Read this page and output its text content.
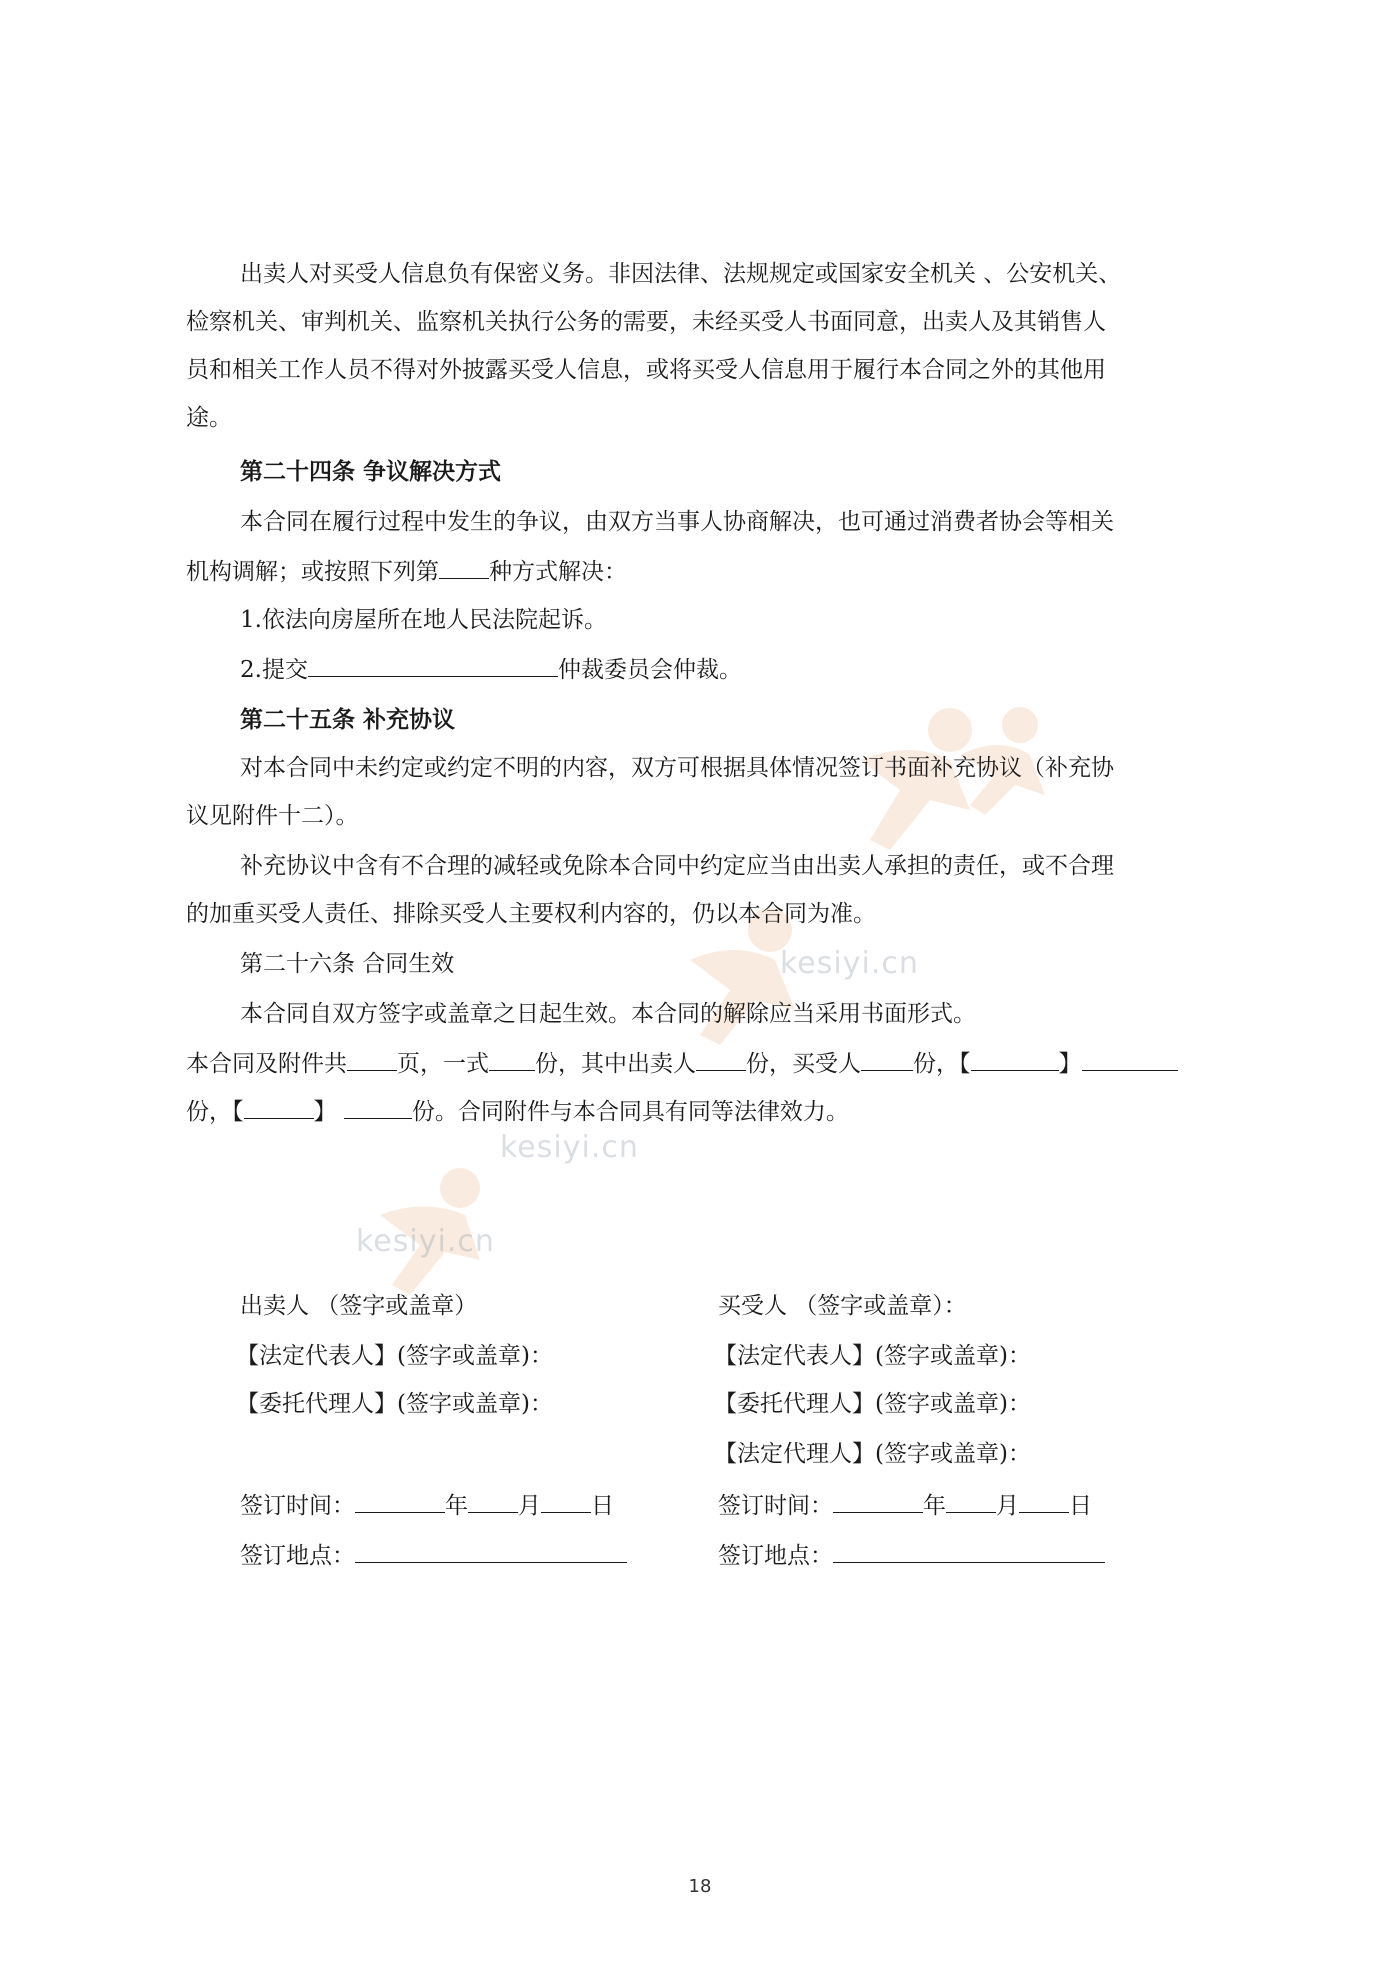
kesiyi.cn
kesiyi.cn
kesiyi.cn
出卖人对买受人信息负有保密义务。非因法律、法规规定或国家安全机关 、公安机关、
检察机关、审判机关、监察机关执行公务的需要，未经买受人书面同意，出卖人及其销售人
员和相关工作人员不得对外披露买受人信息，或将买受人信息用于履行本合同之外的其他用
途。
第二十四条 争议解决方式
本合同在履行过程中发生的争议，由双方当事人协商解决，也可通过消费者协会等相关
机构调解；或按照下列第 种方式解决：
1.依法向房屋所在地人民法院起诉。
2.提交	仲裁委员会仲裁。
第二十五条 补充协议
对本合同中未约定或约定不明的内容，双方可根据具体情况签订书面补充协议（补充协
议见附件十二）。
补充协议中含有不合理的减轻或免除本合同中约定应当由出卖人承担的责任，或不合理
的加重买受人责任、排除买受人主要权利内容的，仍以本合同为准。
第二十六条 合同生效
本合同自双方签字或盖章之日起生效。本合同的解除应当采用书面形式。
本合同及附件共 页，一式 份，其中出卖人 份，买受人 份，【	】
份，【	】	份。合同附件与本合同具有同等法律效力。
出卖人 （签字或盖章）
【法定代表人】(签字或盖章)：
【委托代理人】(签字或盖章)：
签订时间：	年 月 日
签订地点：
买受人 （签字或盖章）：
【法定代表人】(签字或盖章)：
【委托代理人】(签字或盖章)：
【法定代理人】(签字或盖章)：
签订时间：	年 月 日
签订地点：
18
